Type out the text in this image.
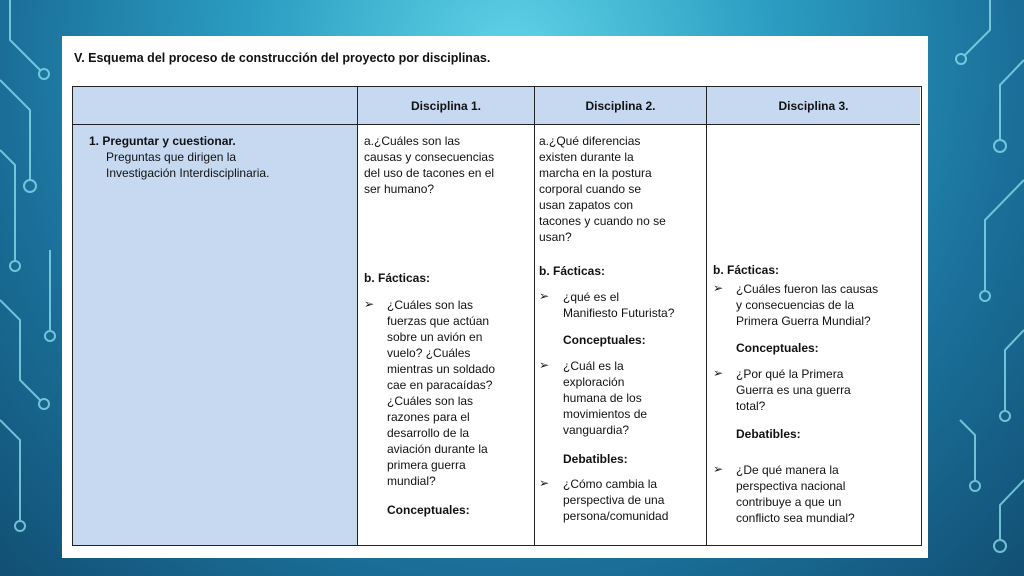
V. Esquema del proceso de construcción del proyecto por disciplinas.
Disciplina 1.	Disciplina 2.	Disciplina 3.
1. Preguntar y cuestionar.
Preguntas que dirigen la
Investigación Interdisciplinaria.
a.¿Cuáles son las
causas y consecuencias
del uso de tacones en el
ser humano?
b. Fácticas:
➢ ¿Cuáles son las
fuerzas que actúan
sobre un avión en
vuelo? ¿Cuáles
mientras un soldado
cae en paracaídas?
¿Cuáles son las
razones para el
desarrollo de la
aviación durante la
primera guerra
mundial?
Conceptuales:
a.¿Qué diferencias
existen durante la
marcha en la postura
corporal cuando se
usan zapatos con
tacones y cuando no se
usan?
b. Fácticas:
➢ ¿qué es el
Manifiesto Futurista?
Conceptuales:
➢ ¿Cuál es la
exploración
humana de los
movimientos de
vanguardia?
Debatibles:
➢ ¿Cómo cambia la
perspectiva de una
persona/comunidad
b. Fácticas:
➢ ¿Cuáles fueron las causas
y consecuencias de la
Primera Guerra Mundial?
Conceptuales:
➢ ¿Por qué la Primera
Guerra es una guerra
total?
Debatibles:
➢ ¿De qué manera la
perspectiva nacional
contribuye a que un
conflicto sea mundial?
